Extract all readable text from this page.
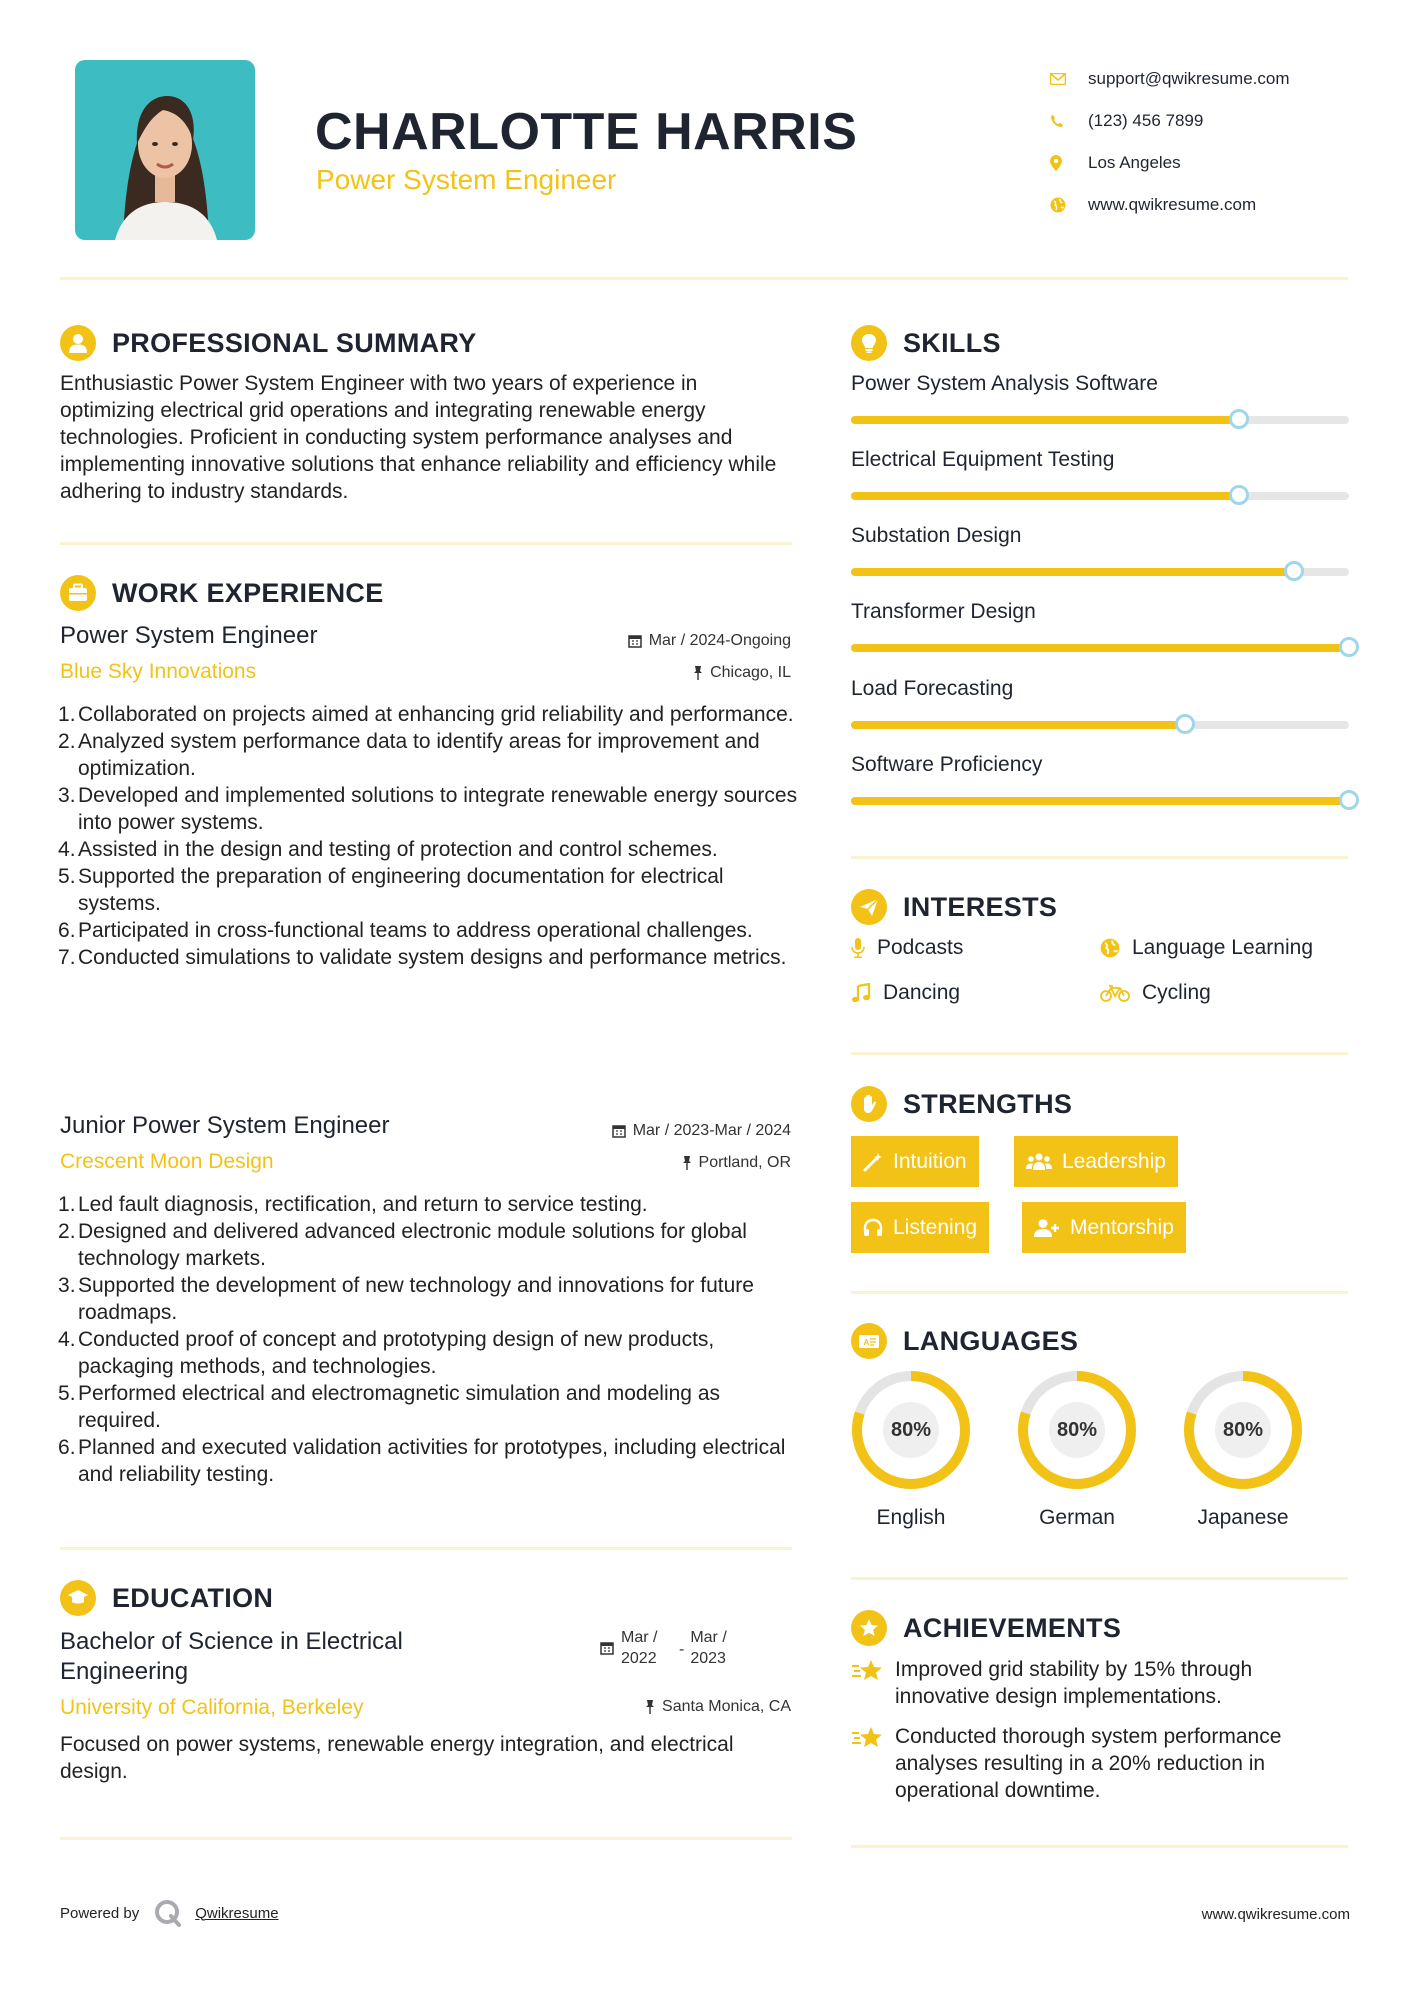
CHARLOTTE HARRIS
Power System Engineer
support@qwikresume.com
(123) 456 7899
Los Angeles
www.qwikresume.com
PROFESSIONAL SUMMARY
Enthusiastic Power System Engineer with two years of experience in optimizing electrical grid operations and integrating renewable energy technologies. Proficient in conducting system performance analyses and implementing innovative solutions that enhance reliability and efficiency while adhering to industry standards.
WORK EXPERIENCE
Power System Engineer	Mar / 2024-Ongoing
Blue Sky Innovations	Chicago, IL
Collaborated on projects aimed at enhancing grid reliability and performance.
Analyzed system performance data to identify areas for improvement and optimization.
Developed and implemented solutions to integrate renewable energy sources into power systems.
Assisted in the design and testing of protection and control schemes.
Supported the preparation of engineering documentation for electrical systems.
Participated in cross-functional teams to address operational challenges.
Conducted simulations to validate system designs and performance metrics.
Junior Power System Engineer	Mar / 2023-Mar / 2024
Crescent Moon Design	Portland, OR
Led fault diagnosis, rectification, and return to service testing.
Designed and delivered advanced electronic module solutions for global technology markets.
Supported the development of new technology and innovations for future roadmaps.
Conducted proof of concept and prototyping design of new products, packaging methods, and technologies.
Performed electrical and electromagnetic simulation and modeling as required.
Planned and executed validation activities for prototypes, including electrical and reliability testing.
EDUCATION
Bachelor of Science in Electrical Engineering
Mar / 2022
-
Mar / 2023
University of California, Berkeley	Santa Monica, CA
Focused on power systems, renewable energy integration, and electrical design.
SKILLS
Power System Analysis Software
Electrical Equipment Testing
Substation Design
Transformer Design
Load Forecasting
Software Proficiency
INTERESTS
Podcasts	Language Learning
Dancing	Cycling
STRENGTHS
Intuition	Leadership
Listening	Mentorship
A LANGUAGES
80%
English
80%
German
80%
Japanese
ACHIEVEMENTS
Improved grid stability by 15% through innovative design implementations.
Conducted thorough system performance analyses resulting in a 20% reduction in operational downtime.
Powered by	Qwikresume	www.qwikresume.com
